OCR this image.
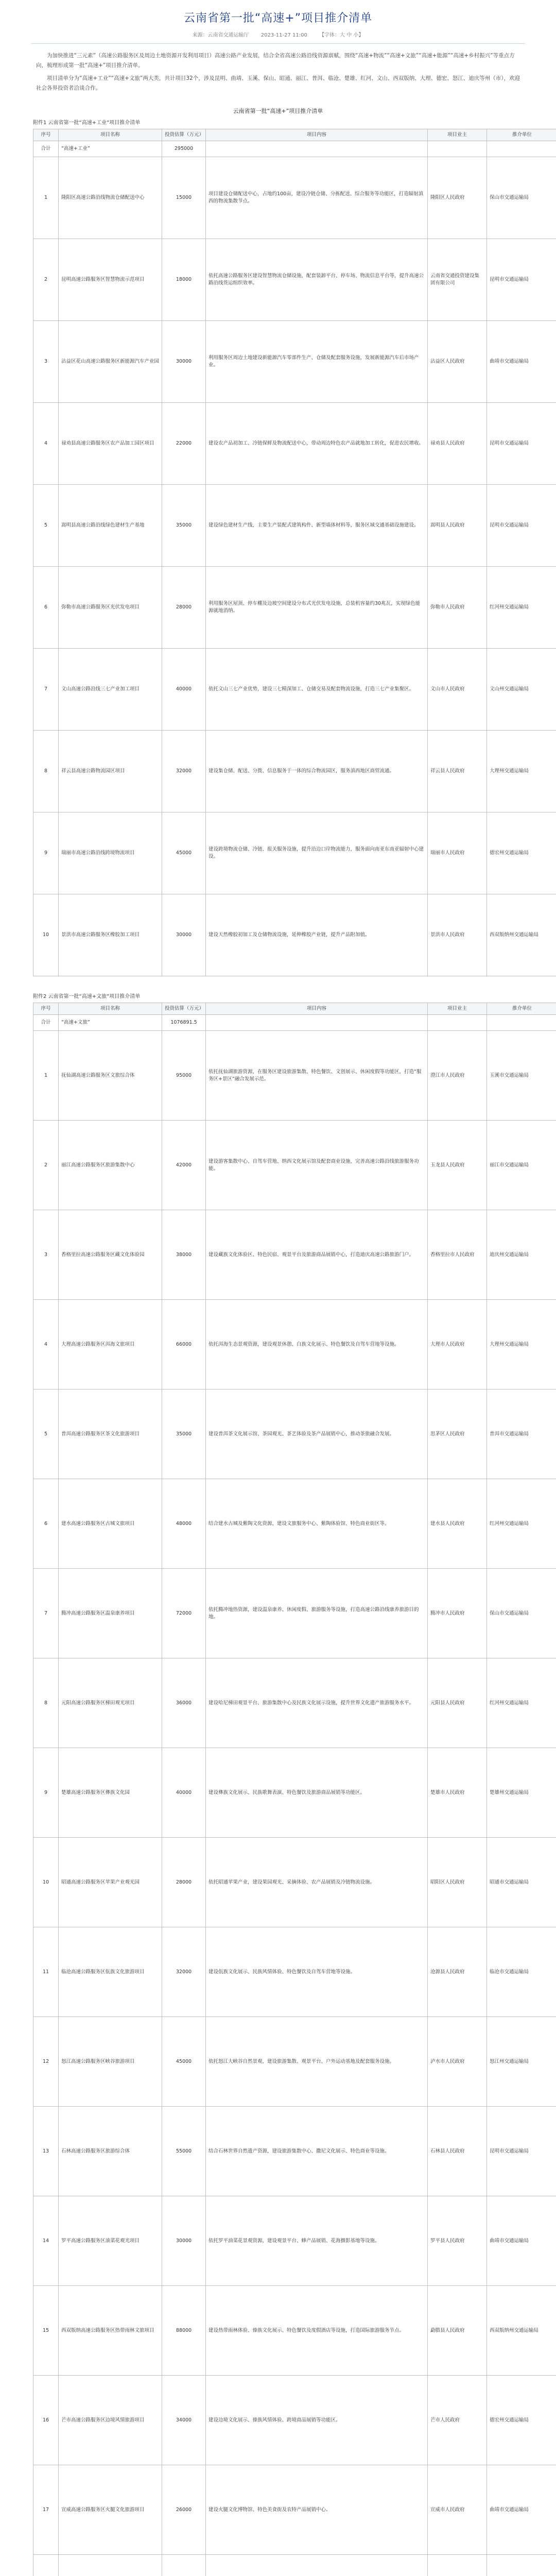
云南省第一批“高速+”项目推介清单
来源：云南省交通运输厅 2023-11-27 11:00 【字体：大 中 小】

为加快推进“三元素”（高速公路服务区及周边土地资源开发利用项目）高速公路产业发展，结合全省高速公路沿线资源禀赋，围绕“高速+物流”“高速+文旅”“高速+能源”“高速+乡村振兴”等重点方向，梳理形成第一批“高速+”项目推介清单。

项目清单分为“高速+工业”“高速+文旅”两大类，共计项目32个，涉及昆明、曲靖、玉溪、保山、昭通、丽江、普洱、临沧、楚雄、红河、文山、西双版纳、大理、德宏、怒江、迪庆等州（市），欢迎社会各界投资者洽谈合作。

云南省第一批“高速+”项目推介清单
附件1 云南省第一批“高速+工业”项目推介清单
序号	项目名称	投资估算（万元）	项目内容	项目业主	推介单位
合计	“高速+工业”	295000			
1	隆阳区高速公路沿线物流仓储配送中心	15000	项目建设仓储配送中心，占地约100亩，建设冷链仓储、分拣配送、综合服务等功能区，打造辐射滇西的物流集散节点。	隆阳区人民政府	保山市交通运输局
2	昆明高速公路服务区智慧物流示范项目	18000	依托高速公路服务区建设智慧物流仓储设施，配套装卸平台、停车场、物流信息平台等，提升高速公路沿线货运组织效率。	云南省交通投资建设集团有限公司	昆明市交通运输局
3	沾益区花山高速公路服务区新能源汽车产业园	30000	利用服务区周边土地建设新能源汽车零部件生产、仓储及配套服务设施，发展新能源汽车后市场产业。	沾益区人民政府	曲靖市交通运输局
4	禄劝县高速公路服务区农产品加工园区项目	22000	建设农产品初加工、冷链保鲜及物流配送中心，带动周边特色农产品就地加工转化，促进农民增收。	禄劝县人民政府	昆明市交通运输局
5	嵩明县高速公路沿线绿色建材生产基地	35000	建设绿色建材生产线，主要生产装配式建筑构件、新型墙体材料等，服务区域交通基础设施建设。	嵩明县人民政府	昆明市交通运输局
6	弥勒市高速公路服务区光伏发电项目	28000	利用服务区屋顶、停车棚及边坡空间建设分布式光伏发电设施，总装机容量约30兆瓦，实现绿色能源就地消纳。	弥勒市人民政府	红河州交通运输局
7	文山高速公路沿线三七产业加工项目	40000	依托文山三七产业优势，建设三七精深加工、仓储交易及配套物流设施，打造三七产业集聚区。	文山市人民政府	文山州交通运输局
8	祥云县高速公路物流园区项目	32000	建设集仓储、配送、分拨、信息服务于一体的综合物流园区，服务滇西地区商贸流通。	祥云县人民政府	大理州交通运输局
9	瑞丽市高速公路沿线跨境物流项目	45000	建设跨境物流仓储、冷链、报关服务设施，提升沿边口岸物流能力，服务面向南亚东南亚辐射中心建设。	瑞丽市人民政府	德宏州交通运输局
10	景洪市高速公路服务区橡胶加工项目	30000	建设天然橡胶初加工及仓储物流设施，延伸橡胶产业链，提升产品附加值。	景洪市人民政府	西双版纳州交通运输局
附件2 云南省第一批“高速+文旅”项目推介清单
序号	项目名称	投资估算（万元）	项目内容	项目业主	推介单位
合计	“高速+文旅”	1076891.5			
1	抚仙湖高速公路服务区文旅综合体	95000	依托抚仙湖旅游资源，在服务区建设旅游集散、特色餐饮、文创展示、休闲度假等功能区，打造“服务区+景区”融合发展示范。	澄江市人民政府	玉溪市交通运输局
2	丽江高速公路服务区旅游集散中心	42000	建设游客集散中心、自驾车营地、纳西文化展示馆及配套商业设施，完善高速公路沿线旅游服务功能。	玉龙县人民政府	丽江市交通运输局
3	香格里拉高速公路服务区藏文化体验园	38000	建设藏族文化体验区、特色民宿、观景平台及旅游商品展销中心，打造迪庆高速公路旅游门户。	香格里拉市人民政府	迪庆州交通运输局
4	大理高速公路服务区洱海文旅项目	66000	依托洱海生态景观资源，建设观景休憩、白族文化展示、特色餐饮及自驾车营地等设施。	大理市人民政府	大理州交通运输局
5	普洱高速公路服务区茶文化旅游项目	35000	建设普洱茶文化展示馆、茶园观光、茶艺体验及茶产品展销中心，推动茶旅融合发展。	思茅区人民政府	普洱市交通运输局
6	建水高速公路服务区古城文旅项目	48000	结合建水古城及紫陶文化资源，建设文旅服务中心、紫陶体验馆、特色商业街区等。	建水县人民政府	红河州交通运输局
7	腾冲高速公路服务区温泉康养项目	72000	依托腾冲地热资源，建设温泉康养、休闲度假、旅游服务等设施，打造高速公路沿线康养旅游目的地。	腾冲市人民政府	保山市交通运输局
8	元阳高速公路服务区梯田观光项目	36000	建设哈尼梯田观景平台、旅游集散中心及民族文化展示设施，提升世界文化遗产旅游服务水平。	元阳县人民政府	红河州交通运输局
9	楚雄高速公路服务区彝族文化园	40000	建设彝族文化展示、民族歌舞表演、特色餐饮及旅游商品展销等功能区。	楚雄市人民政府	楚雄州交通运输局
10	昭通高速公路服务区苹果产业观光园	28000	依托昭通苹果产业，建设果园观光、采摘体验、农产品展销及冷链物流设施。	昭阳区人民政府	昭通市交通运输局
11	临沧高速公路服务区佤族文化旅游项目	32000	建设佤族文化展示、民族风情体验、特色餐饮及自驾车营地等设施。	沧源县人民政府	临沧市交通运输局
12	怒江高速公路服务区峡谷旅游项目	45000	依托怒江大峡谷自然景观，建设旅游集散、观景平台、户外运动基地及配套服务设施。	泸水市人民政府	怒江州交通运输局
13	石林高速公路服务区旅游综合体	55000	结合石林世界自然遗产资源，建设旅游集散中心、撒尼文化展示、特色商业等设施。	石林县人民政府	昆明市交通运输局
14	罗平高速公路服务区油菜花观光项目	30000	依托罗平油菜花景观资源，建设观景平台、蜂产品展销、花海摄影基地等设施。	罗平县人民政府	曲靖市交通运输局
15	西双版纳高速公路服务区热带雨林文旅项目	88000	建设热带雨林体验、傣族文化展示、特色餐饮及度假酒店等设施，打造国际旅游服务节点。	勐腊县人民政府	西双版纳州交通运输局
16	芒市高速公路服务区边境风情旅游项目	34000	建设边境文化展示、傣族风情体验、跨境商品展销等功能区。	芒市人民政府	德宏州交通运输局
17	宣威高速公路服务区火腿文化旅游项目	26000	建设火腿文化博物馆、特色美食街及农特产品展销中心。	宣威市人民政府	曲靖市交通运输局
